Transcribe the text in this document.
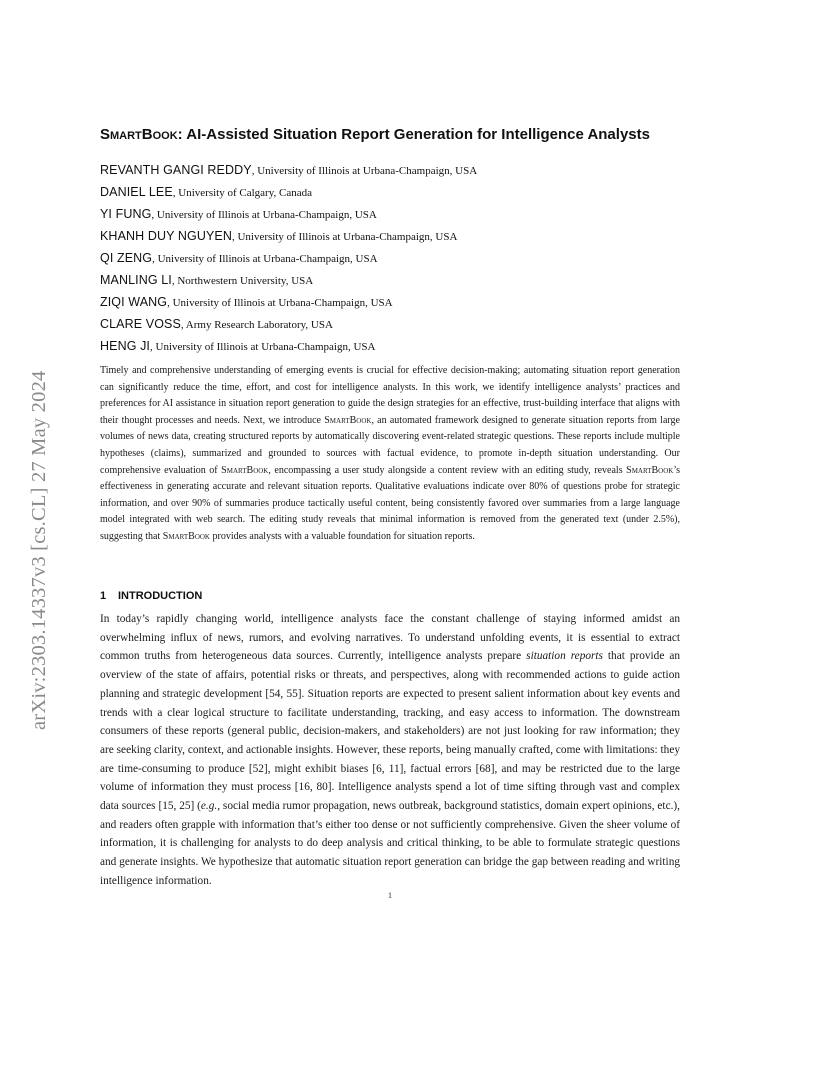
arXiv:2303.14337v3 [cs.CL] 27 May 2024
SmartBook: AI-Assisted Situation Report Generation for Intelligence Analysts
REVANTH GANGI REDDY, University of Illinois at Urbana-Champaign, USA
DANIEL LEE, University of Calgary, Canada
YI FUNG, University of Illinois at Urbana-Champaign, USA
KHANH DUY NGUYEN, University of Illinois at Urbana-Champaign, USA
QI ZENG, University of Illinois at Urbana-Champaign, USA
MANLING LI, Northwestern University, USA
ZIQI WANG, University of Illinois at Urbana-Champaign, USA
CLARE VOSS, Army Research Laboratory, USA
HENG JI, University of Illinois at Urbana-Champaign, USA

Timely and comprehensive understanding of emerging events is crucial for effective decision-making; automating situation report generation can significantly reduce the time, effort, and cost for intelligence analysts. In this work, we identify intelligence analysts’ practices and preferences for AI assistance in situation report generation to guide the design strategies for an effective, trust-building interface that aligns with their thought processes and needs. Next, we introduce SmartBook, an automated framework designed to generate situation reports from large volumes of news data, creating structured reports by automatically discovering event-related strategic questions. These reports include multiple hypotheses (claims), summarized and grounded to sources with factual evidence, to promote in-depth situation understanding. Our comprehensive evaluation of SmartBook, encompassing a user study alongside a content review with an editing study, reveals SmartBook’s effectiveness in generating accurate and relevant situation reports. Qualitative evaluations indicate over 80% of questions probe for strategic information, and over 90% of summaries produce tactically useful content, being consistently favored over summaries from a large language model integrated with web search. The editing study reveals that minimal information is removed from the generated text (under 2.5%), suggesting that SmartBook provides analysts with a valuable foundation for situation reports.

1 INTRODUCTION

In today’s rapidly changing world, intelligence analysts face the constant challenge of staying informed amidst an overwhelming influx of news, rumors, and evolving narratives. To understand unfolding events, it is essential to extract common truths from heterogeneous data sources. Currently, intelligence analysts prepare situation reports that provide an overview of the state of affairs, potential risks or threats, and perspectives, along with recommended actions to guide action planning and strategic development [54, 55]. Situation reports are expected to present salient information about key events and trends with a clear logical structure to facilitate understanding, tracking, and easy access to information. The downstream consumers of these reports (general public, decision-makers, and stakeholders) are not just looking for raw information; they are seeking clarity, context, and actionable insights. However, these reports, being manually crafted, come with limitations: they are time-consuming to produce [52], might exhibit biases [6, 11], factual errors [68], and may be restricted due to the large volume of information they must process [16, 80]. Intelligence analysts spend a lot of time sifting through vast and complex data sources [15, 25] (e.g., social media rumor propagation, news outbreak, background statistics, domain expert opinions, etc.), and readers often grapple with information that’s either too dense or not sufficiently comprehensive. Given the sheer volume of information, it is challenging for analysts to do deep analysis and critical thinking, to be able to formulate strategic questions and generate insights. We hypothesize that automatic situation report generation can bridge the gap between reading and writing intelligence information.

1
